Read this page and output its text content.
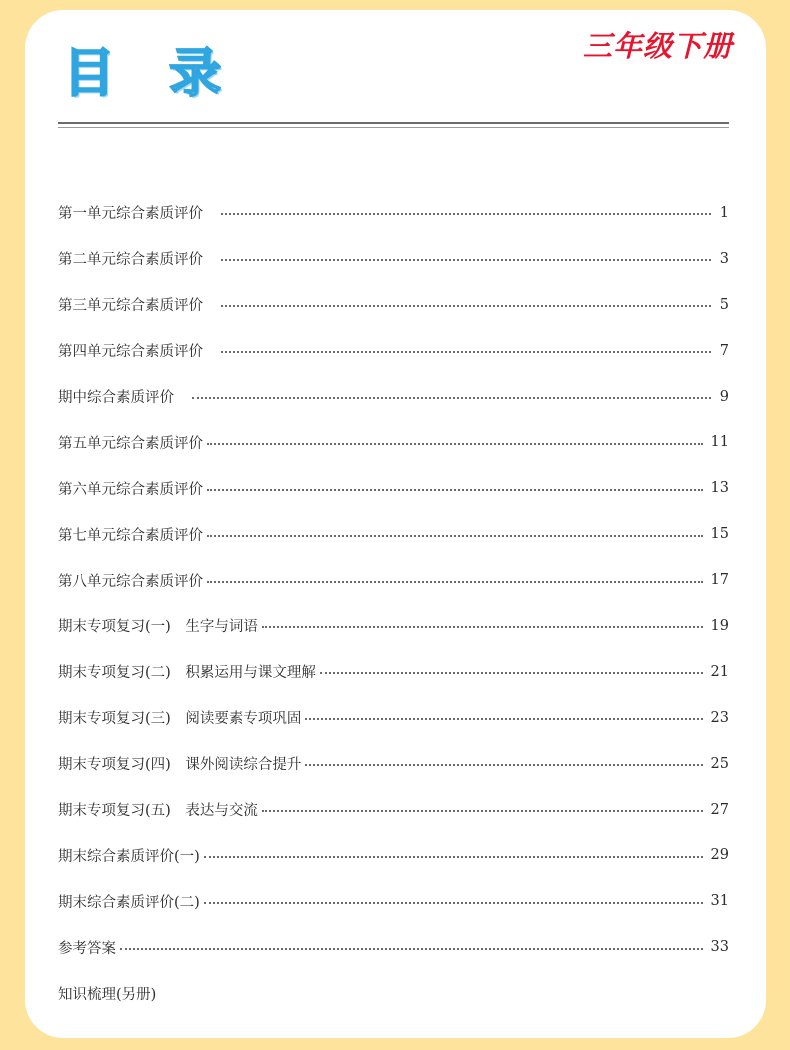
三年级下册
目 录
第一单元综合素质评价	1
第二单元综合素质评价	3
第三单元综合素质评价	5
第四单元综合素质评价	7
期中综合素质评价	9
第五单元综合素质评价	11
第六单元综合素质评价	13
第七单元综合素质评价	15
第八单元综合素质评价	17
期末专项复习(一)　生字与词语	19
期末专项复习(二)　积累运用与课文理解	21
期末专项复习(三)　阅读要素专项巩固	23
期末专项复习(四)　课外阅读综合提升	25
期末专项复习(五)　表达与交流	27
期末综合素质评价(一)	29
期末综合素质评价(二)	31
参考答案	33
知识梳理(另册)
